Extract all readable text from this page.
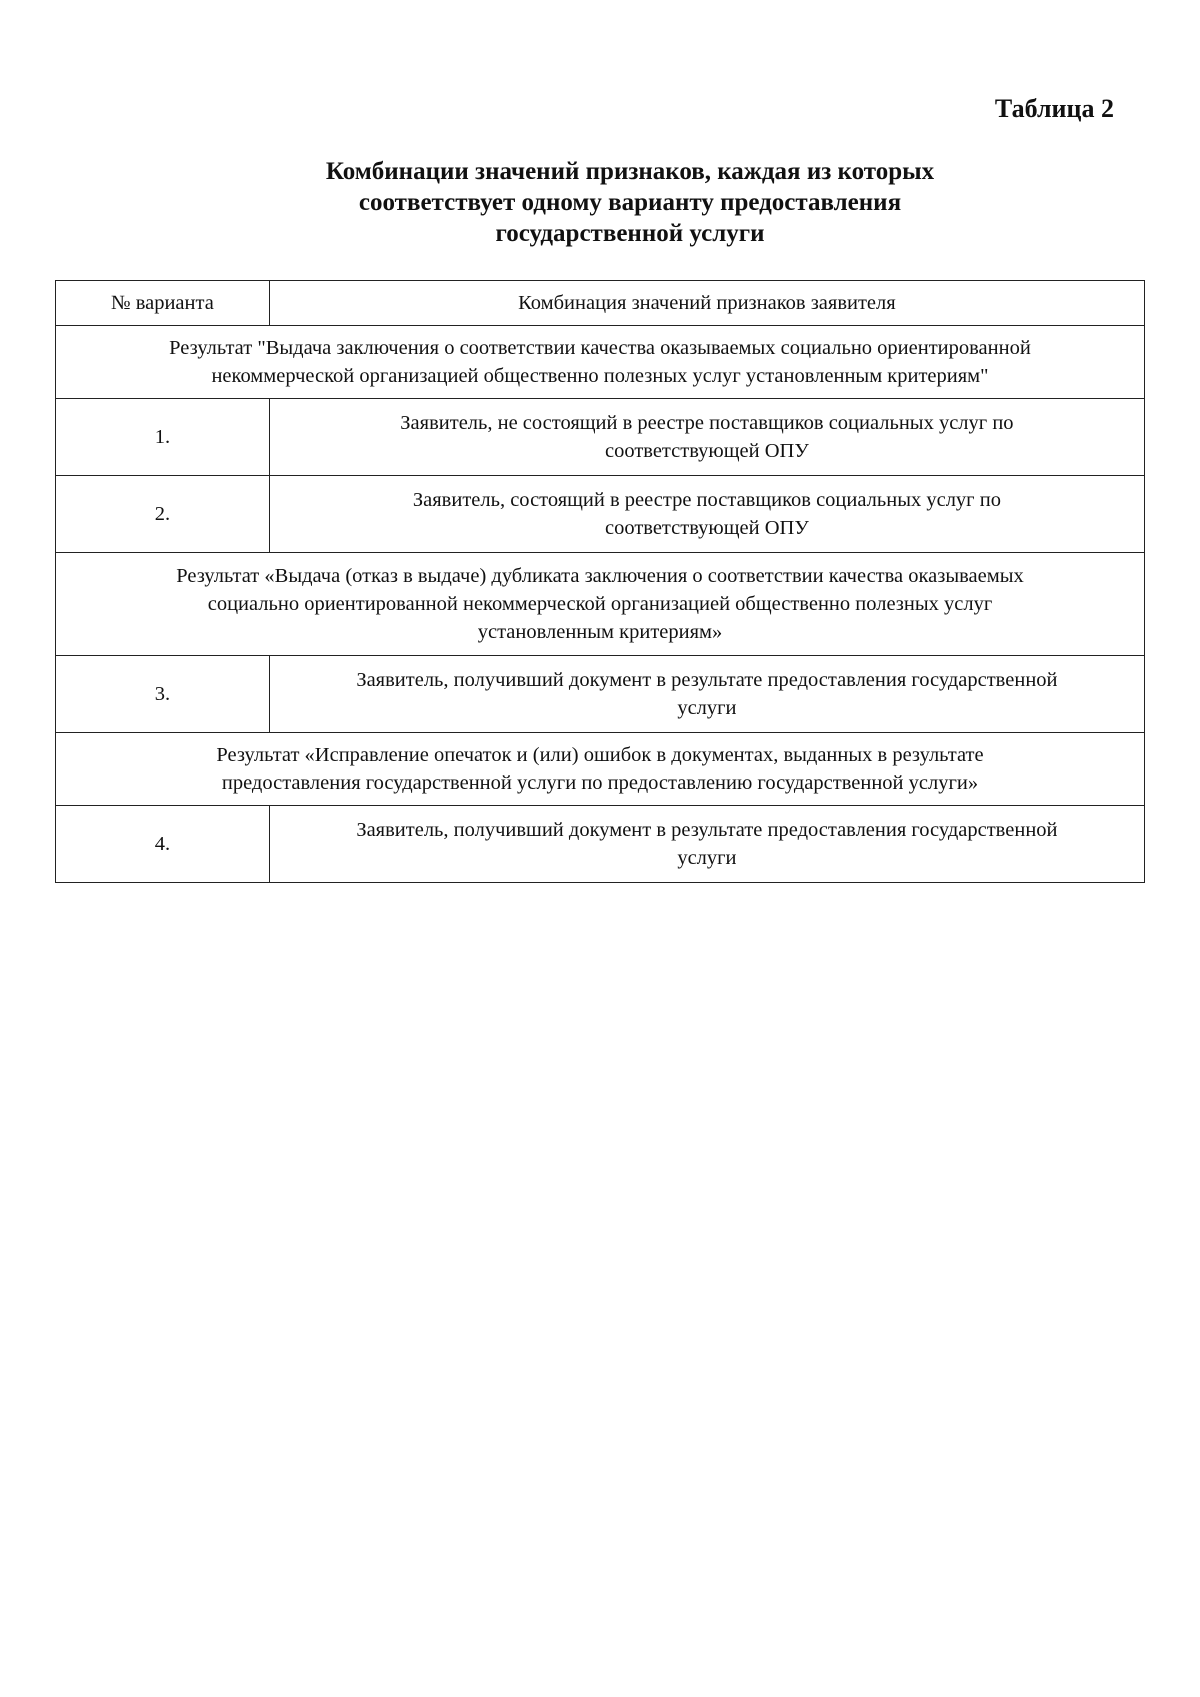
Таблица 2

Комбинации значений признаков, каждая из которых
соответствует одному варианту предоставления
государственной услуги
№ варианта	Комбинация значений признаков заявителя

Результат "Выдача заключения о соответствии качества оказываемых социально ориентированной
некоммерческой организацией общественно полезных услуг установленным критериям"	

1.	Заявитель, не состоящий в реестре поставщиков социальных услуг по
соответствующей ОПУ

2.	Заявитель, состоящий в реестре поставщиков социальных услуг по
соответствующей ОПУ

Результат «Выдача (отказ в выдаче) дубликата заключения о соответствии качества оказываемых
социально ориентированной некоммерческой организацией общественно полезных услуг
установленным критериям»	

3.	Заявитель, получивший документ в результате предоставления государственной
услуги

Результат «Исправление опечаток и (или) ошибок в документах, выданных в результате
предоставления государственной услуги по предоставлению государственной услуги»	

4.	Заявитель, получивший документ в результате предоставления государственной
услуги
